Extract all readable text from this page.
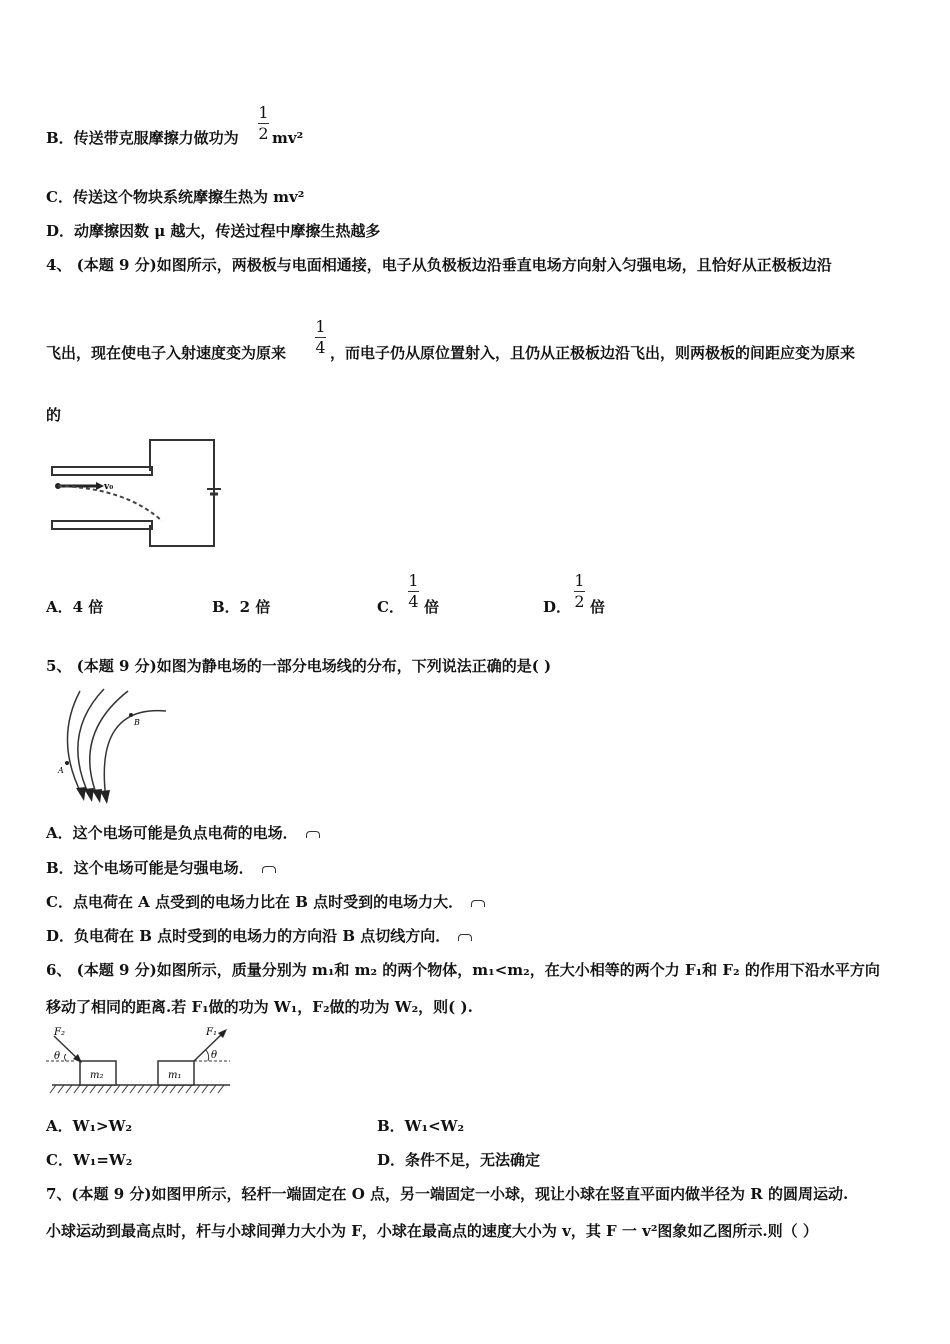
B．传送带克服摩擦力做功为
1
2 mv²
C．传送这个物块系统摩擦生热为 mv²
D．动摩擦因数 μ 越大，传送过程中摩擦生热越多
4、 (本题 9 分)如图所示，两极板与电面相通接，电子从负极板边沿垂直电场方向射入匀强电场，且恰好从正极板边沿
飞出，现在使电子入射速度变为原来
1
4 ，而电子仍从原位置射入，且仍从正极板边沿飞出，则两极板的间距应变为原来
的
v₀
A．4 倍	B．2 倍	C．
1
4 倍	D．
1
2 倍
5、 (本题 9 分)如图为静电场的一部分电场线的分布，下列说法正确的是( )
A
B
A．这个电场可能是负点电荷的电场．
B．这个电场可能是匀强电场．
C．点电荷在 A 点受到的电场力比在 B 点时受到的电场力大．
D．负电荷在 B 点时受到的电场力的方向沿 B 点切线方向．
6、 (本题 9 分)如图所示，质量分别为 m₁和 m₂ 的两个物体，m₁<m₂，在大小相等的两个力 F₁和 F₂ 的作用下沿水平方向
移动了相同的距离.若 F₁做的功为 W₁，F₂做的功为 W₂，则( ).
m₂
F₂
θ
m₁
F₁
θ
A．W₁>W₂	B．W₁<W₂
C．W₁=W₂	D．条件不足，无法确定
7、(本题 9 分)如图甲所示，轻杆一端固定在 O 点，另一端固定一小球，现让小球在竖直平面内做半径为 R 的圆周运动.
小球运动到最高点时，杆与小球间弹力大小为 F，小球在最高点的速度大小为 v，其 F 一 v²图象如乙图所示.则（ ）
